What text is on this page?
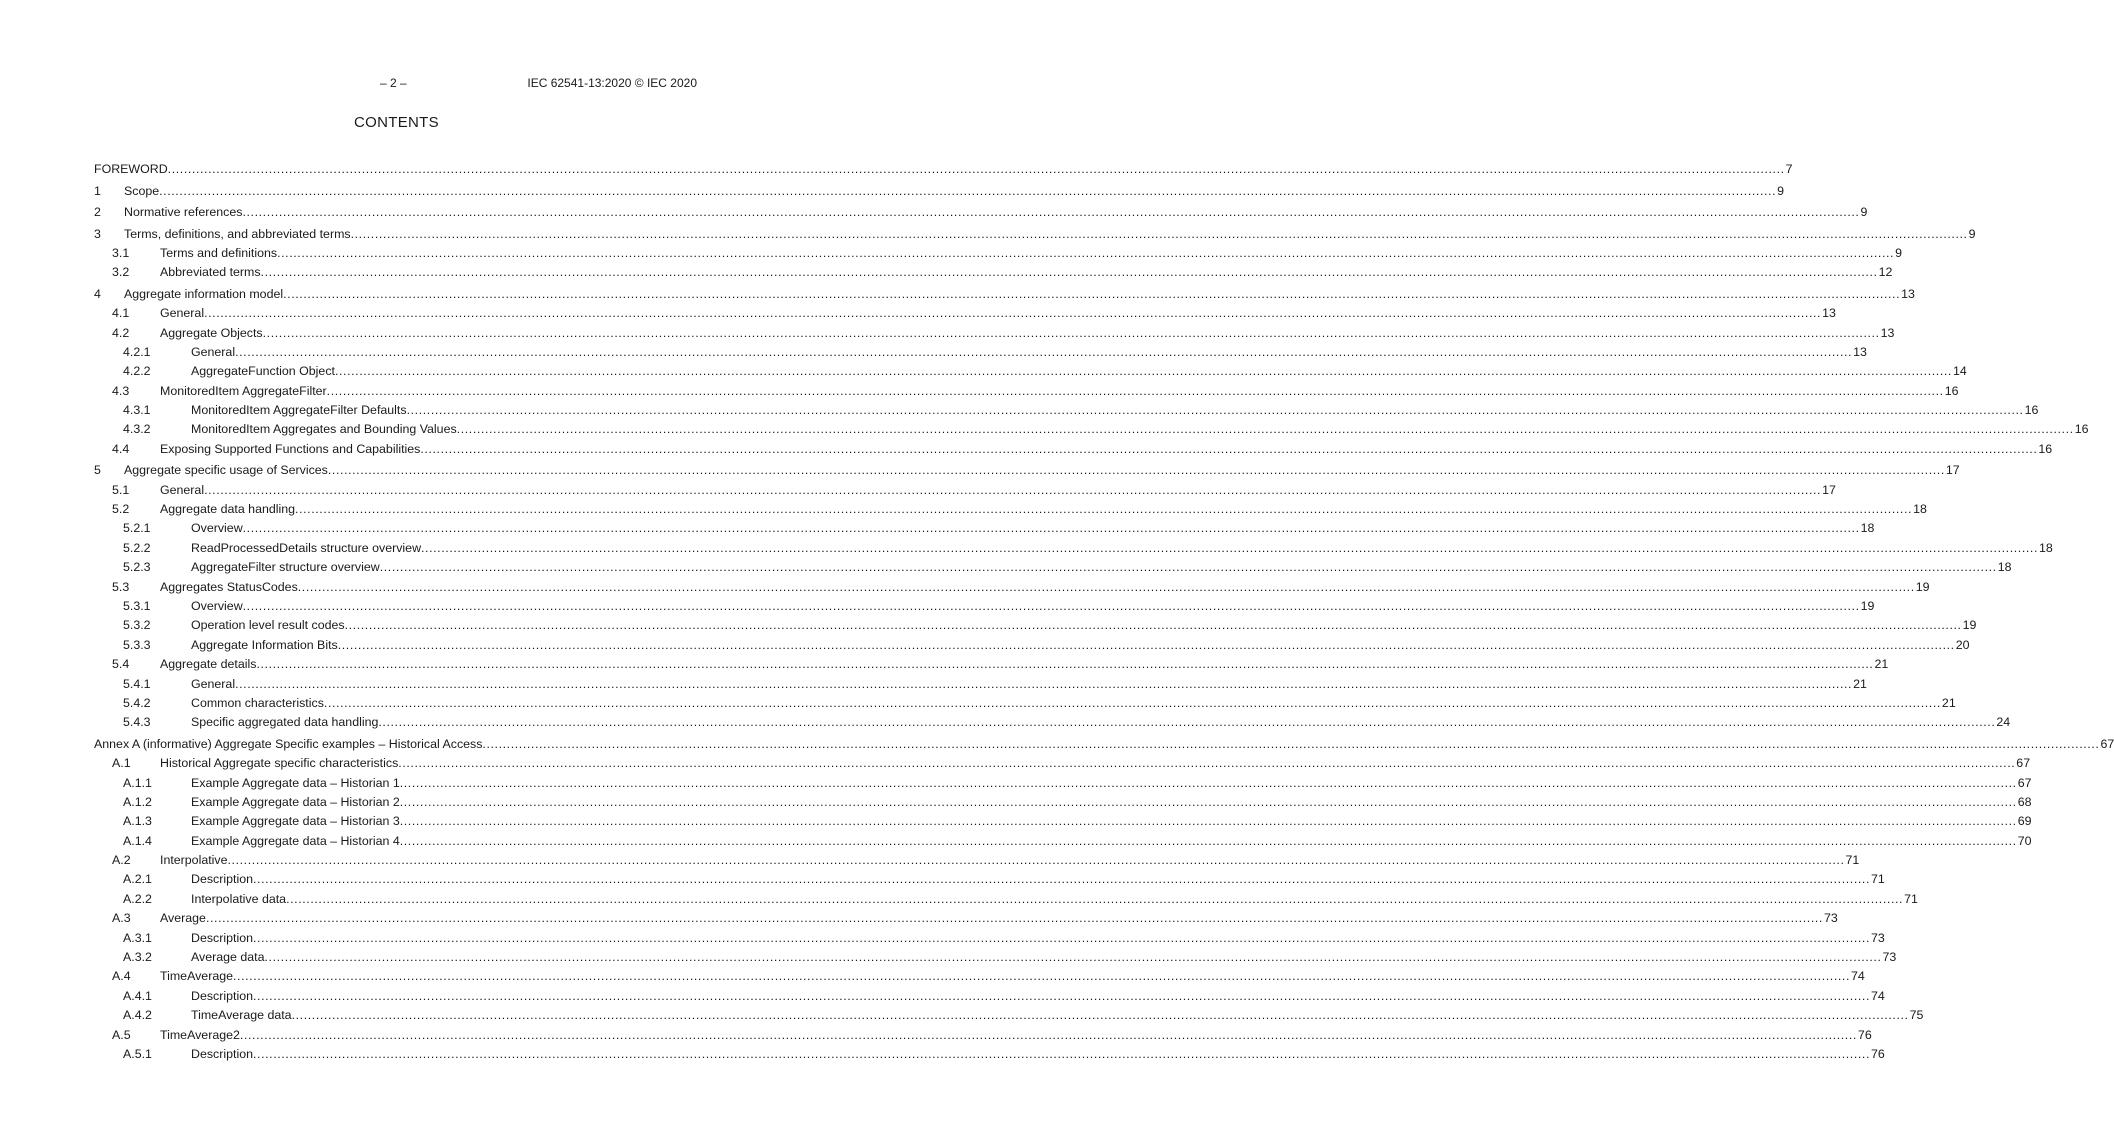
– 2 –	IEC 62541-13:2020 © IEC 2020
CONTENTS
FOREWORD ................................................................................................................................................................................................................................................................................................................................................................................................................ 7
1 Scope ................................................................................................................................................................................................................................................................................................................................................................................................................ 9
2 Normative references ................................................................................................................................................................................................................................................................................................................................................................................................................ 9
3 Terms, definitions, and abbreviated terms ................................................................................................................................................................................................................................................................................................................................................................................................................ 9
3.1 Terms and definitions ................................................................................................................................................................................................................................................................................................................................................................................................................ 9
3.2 Abbreviated terms ................................................................................................................................................................................................................................................................................................................................................................................................................ 12
4 Aggregate information model ................................................................................................................................................................................................................................................................................................................................................................................................................ 13
4.1 General ................................................................................................................................................................................................................................................................................................................................................................................................................ 13
4.2 Aggregate Objects ................................................................................................................................................................................................................................................................................................................................................................................................................ 13
4.2.1	General ................................................................................................................................................................................................................................................................................................................................................................................................................ 13
4.2.2	AggregateFunction Object ................................................................................................................................................................................................................................................................................................................................................................................................................ 14
4.3 MonitoredItem AggregateFilter ................................................................................................................................................................................................................................................................................................................................................................................................................ 16
4.3.1	MonitoredItem AggregateFilter Defaults ................................................................................................................................................................................................................................................................................................................................................................................................................ 16
4.3.2	MonitoredItem Aggregates and Bounding Values ................................................................................................................................................................................................................................................................................................................................................................................................................ 16
4.4 Exposing Supported Functions and Capabilities ................................................................................................................................................................................................................................................................................................................................................................................................................ 16
5 Aggregate specific usage of Services ................................................................................................................................................................................................................................................................................................................................................................................................................ 17
5.1 General ................................................................................................................................................................................................................................................................................................................................................................................................................ 17
5.2 Aggregate data handling ................................................................................................................................................................................................................................................................................................................................................................................................................ 18
5.2.1	Overview ................................................................................................................................................................................................................................................................................................................................................................................................................ 18
5.2.2	ReadProcessedDetails structure overview ................................................................................................................................................................................................................................................................................................................................................................................................................ 18
5.2.3	AggregateFilter structure overview ................................................................................................................................................................................................................................................................................................................................................................................................................ 18
5.3 Aggregates StatusCodes ................................................................................................................................................................................................................................................................................................................................................................................................................ 19
5.3.1	Overview ................................................................................................................................................................................................................................................................................................................................................................................................................ 19
5.3.2	Operation level result codes ................................................................................................................................................................................................................................................................................................................................................................................................................ 19
5.3.3	Aggregate Information Bits ................................................................................................................................................................................................................................................................................................................................................................................................................ 20
5.4 Aggregate details ................................................................................................................................................................................................................................................................................................................................................................................................................ 21
5.4.1	General ................................................................................................................................................................................................................................................................................................................................................................................................................ 21
5.4.2	Common characteristics ................................................................................................................................................................................................................................................................................................................................................................................................................ 21
5.4.3	Specific aggregated data handling ................................................................................................................................................................................................................................................................................................................................................................................................................ 24
Annex A (informative) Aggregate Specific examples – Historical Access ................................................................................................................................................................................................................................................................................................................................................................................................................ 67
A.1 Historical Aggregate specific characteristics ................................................................................................................................................................................................................................................................................................................................................................................................................ 67
A.1.1	Example Aggregate data – Historian 1 ................................................................................................................................................................................................................................................................................................................................................................................................................ 67
A.1.2	Example Aggregate data – Historian 2 ................................................................................................................................................................................................................................................................................................................................................................................................................ 68
A.1.3	Example Aggregate data – Historian 3 ................................................................................................................................................................................................................................................................................................................................................................................................................ 69
A.1.4	Example Aggregate data – Historian 4 ................................................................................................................................................................................................................................................................................................................................................................................................................ 70
A.2 Interpolative ................................................................................................................................................................................................................................................................................................................................................................................................................ 71
A.2.1	Description ................................................................................................................................................................................................................................................................................................................................................................................................................ 71
A.2.2	Interpolative data ................................................................................................................................................................................................................................................................................................................................................................................................................ 71
A.3 Average ................................................................................................................................................................................................................................................................................................................................................................................................................ 73
A.3.1	Description ................................................................................................................................................................................................................................................................................................................................................................................................................ 73
A.3.2	Average data ................................................................................................................................................................................................................................................................................................................................................................................................................ 73
A.4 TimeAverage ................................................................................................................................................................................................................................................................................................................................................................................................................ 74
A.4.1	Description ................................................................................................................................................................................................................................................................................................................................................................................................................ 74
A.4.2	TimeAverage data ................................................................................................................................................................................................................................................................................................................................................................................................................ 75
A.5 TimeAverage2 ................................................................................................................................................................................................................................................................................................................................................................................................................ 76
A.5.1	Description ................................................................................................................................................................................................................................................................................................................................................................................................................ 76
